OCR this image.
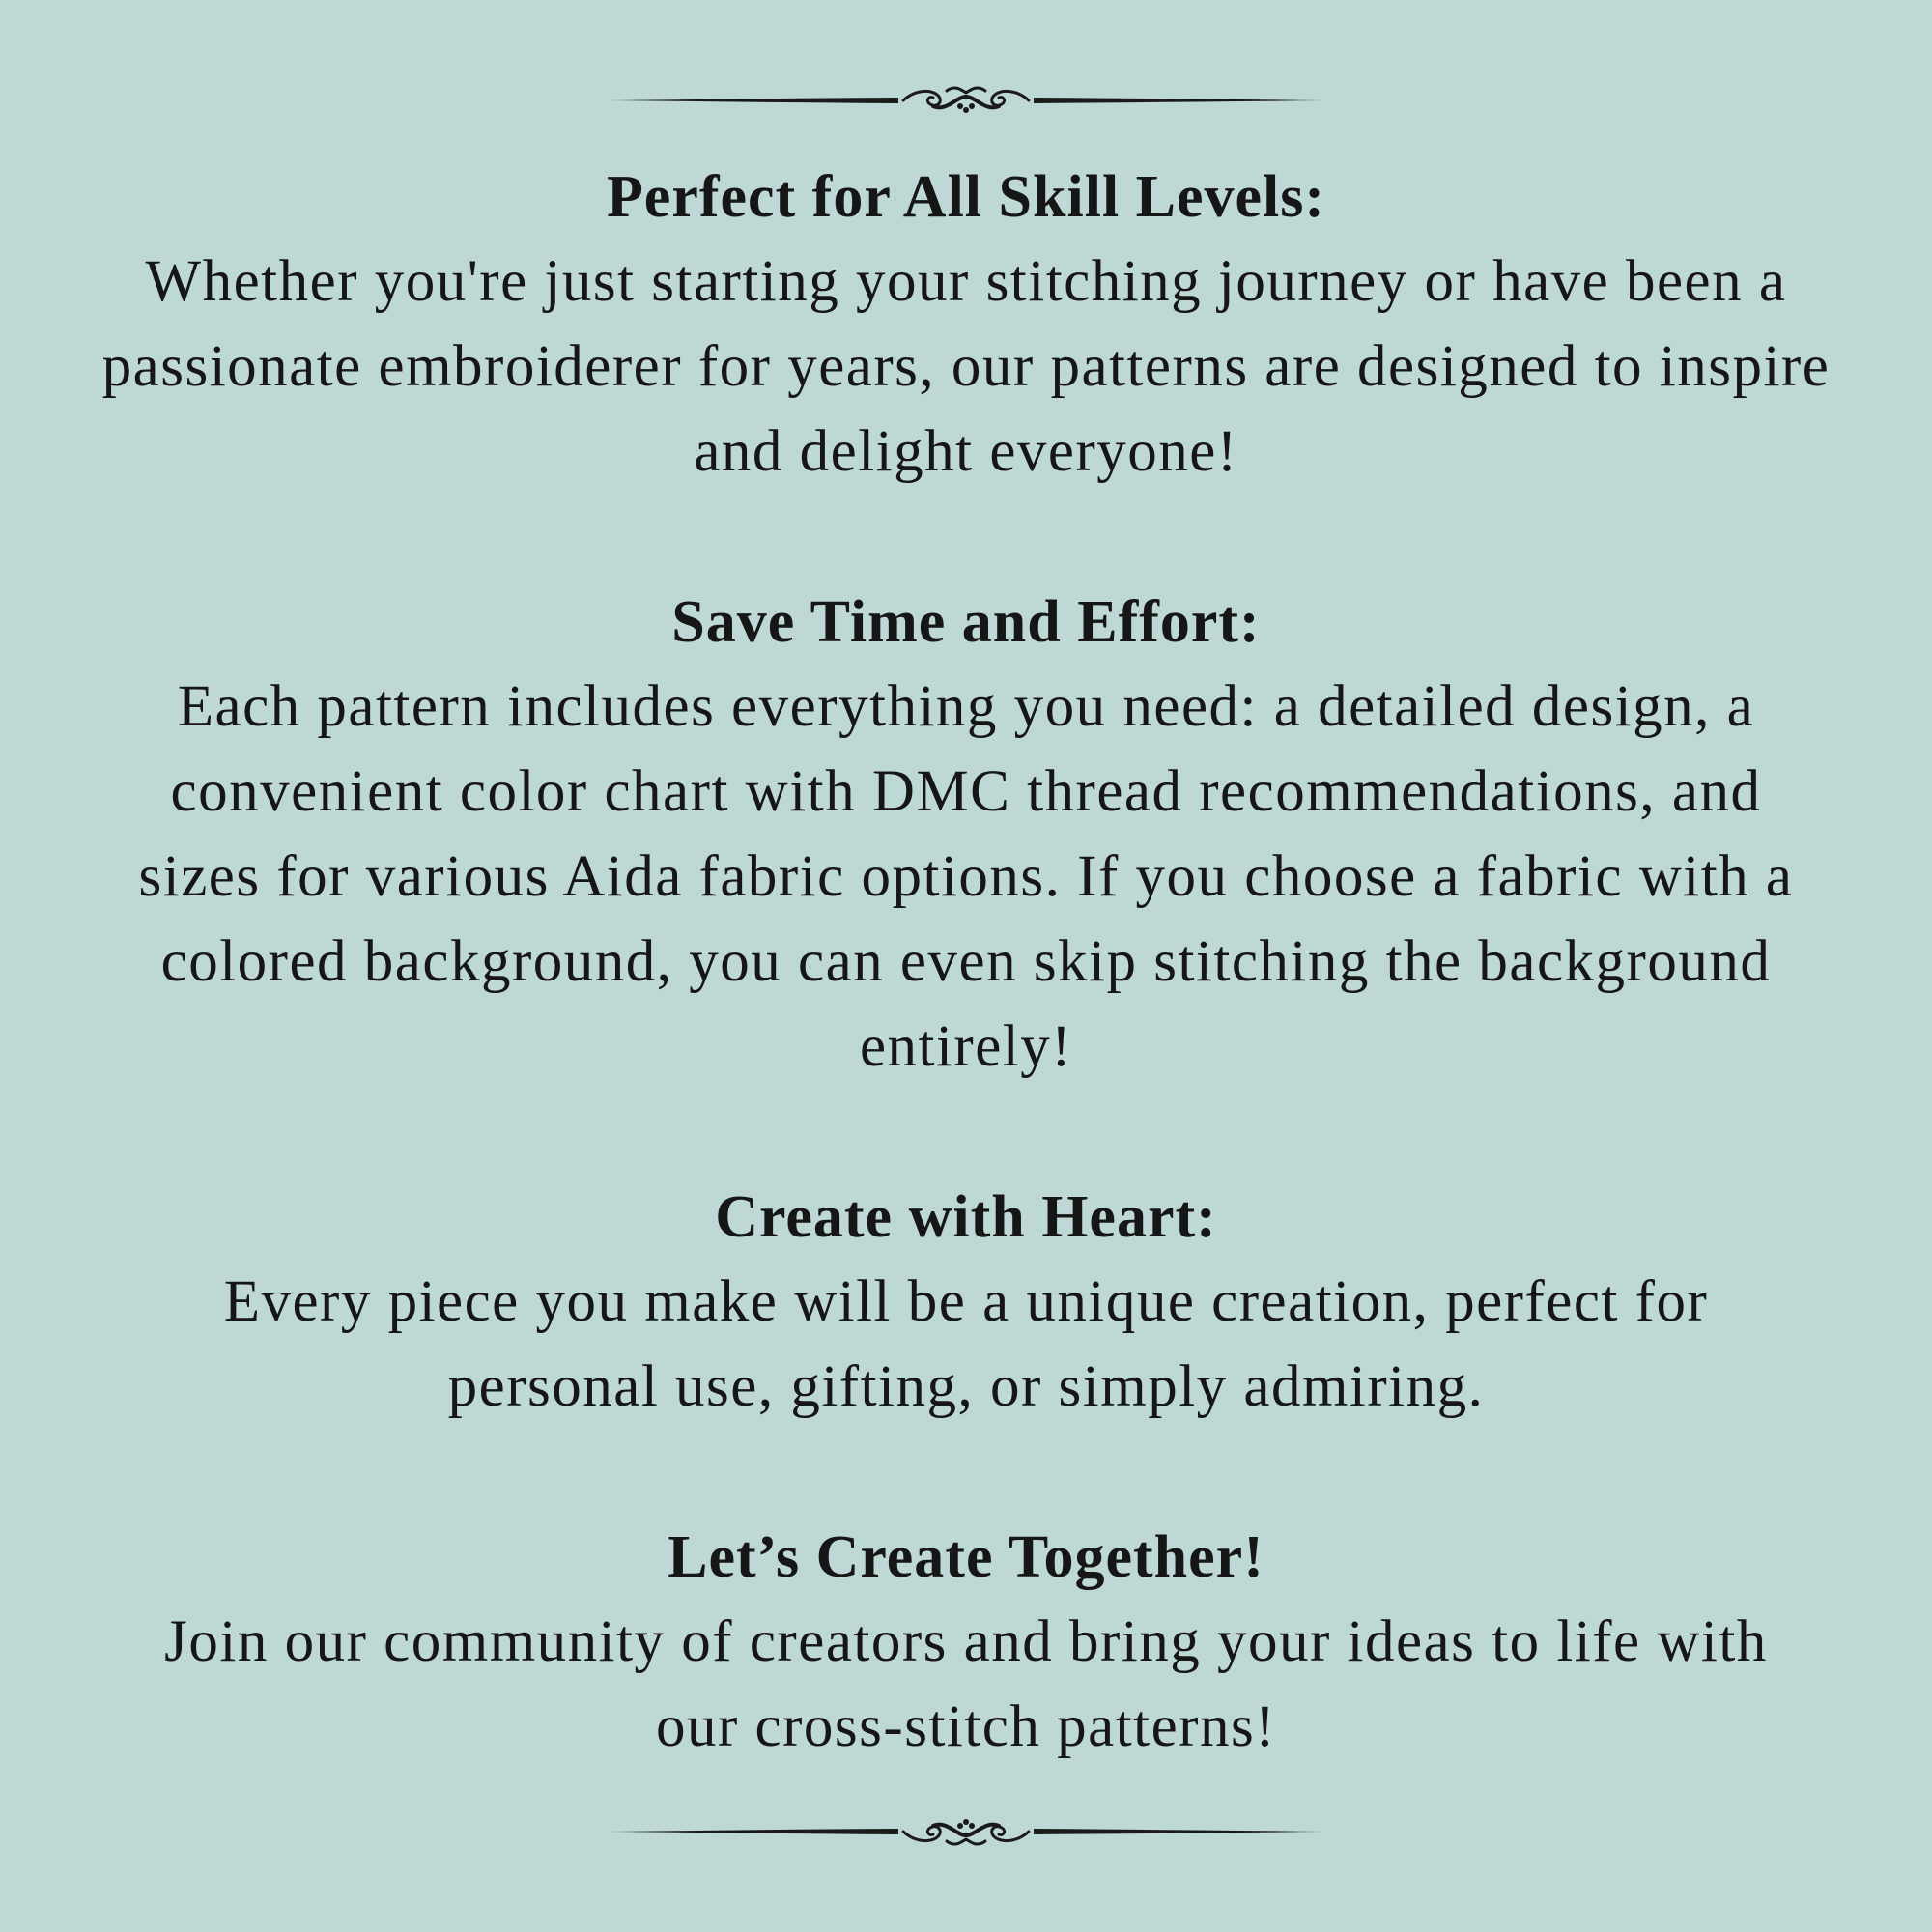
Perfect for All Skill Levels:

Whether you're just starting your stitching journey or have been a passionate embroiderer for years, our patterns are designed to inspire and delight everyone!

Save Time and Effort:

Each pattern includes everything you need: a detailed design, a convenient color chart with DMC thread recommendations, and sizes for various Aida fabric options. If you choose a fabric with a colored background, you can even skip stitching the background entirely!

Create with Heart:

Every piece you make will be a unique creation, perfect for personal use, gifting, or simply admiring.

Let’s Create Together!

Join our community of creators and bring your ideas to life with our cross-stitch patterns!
